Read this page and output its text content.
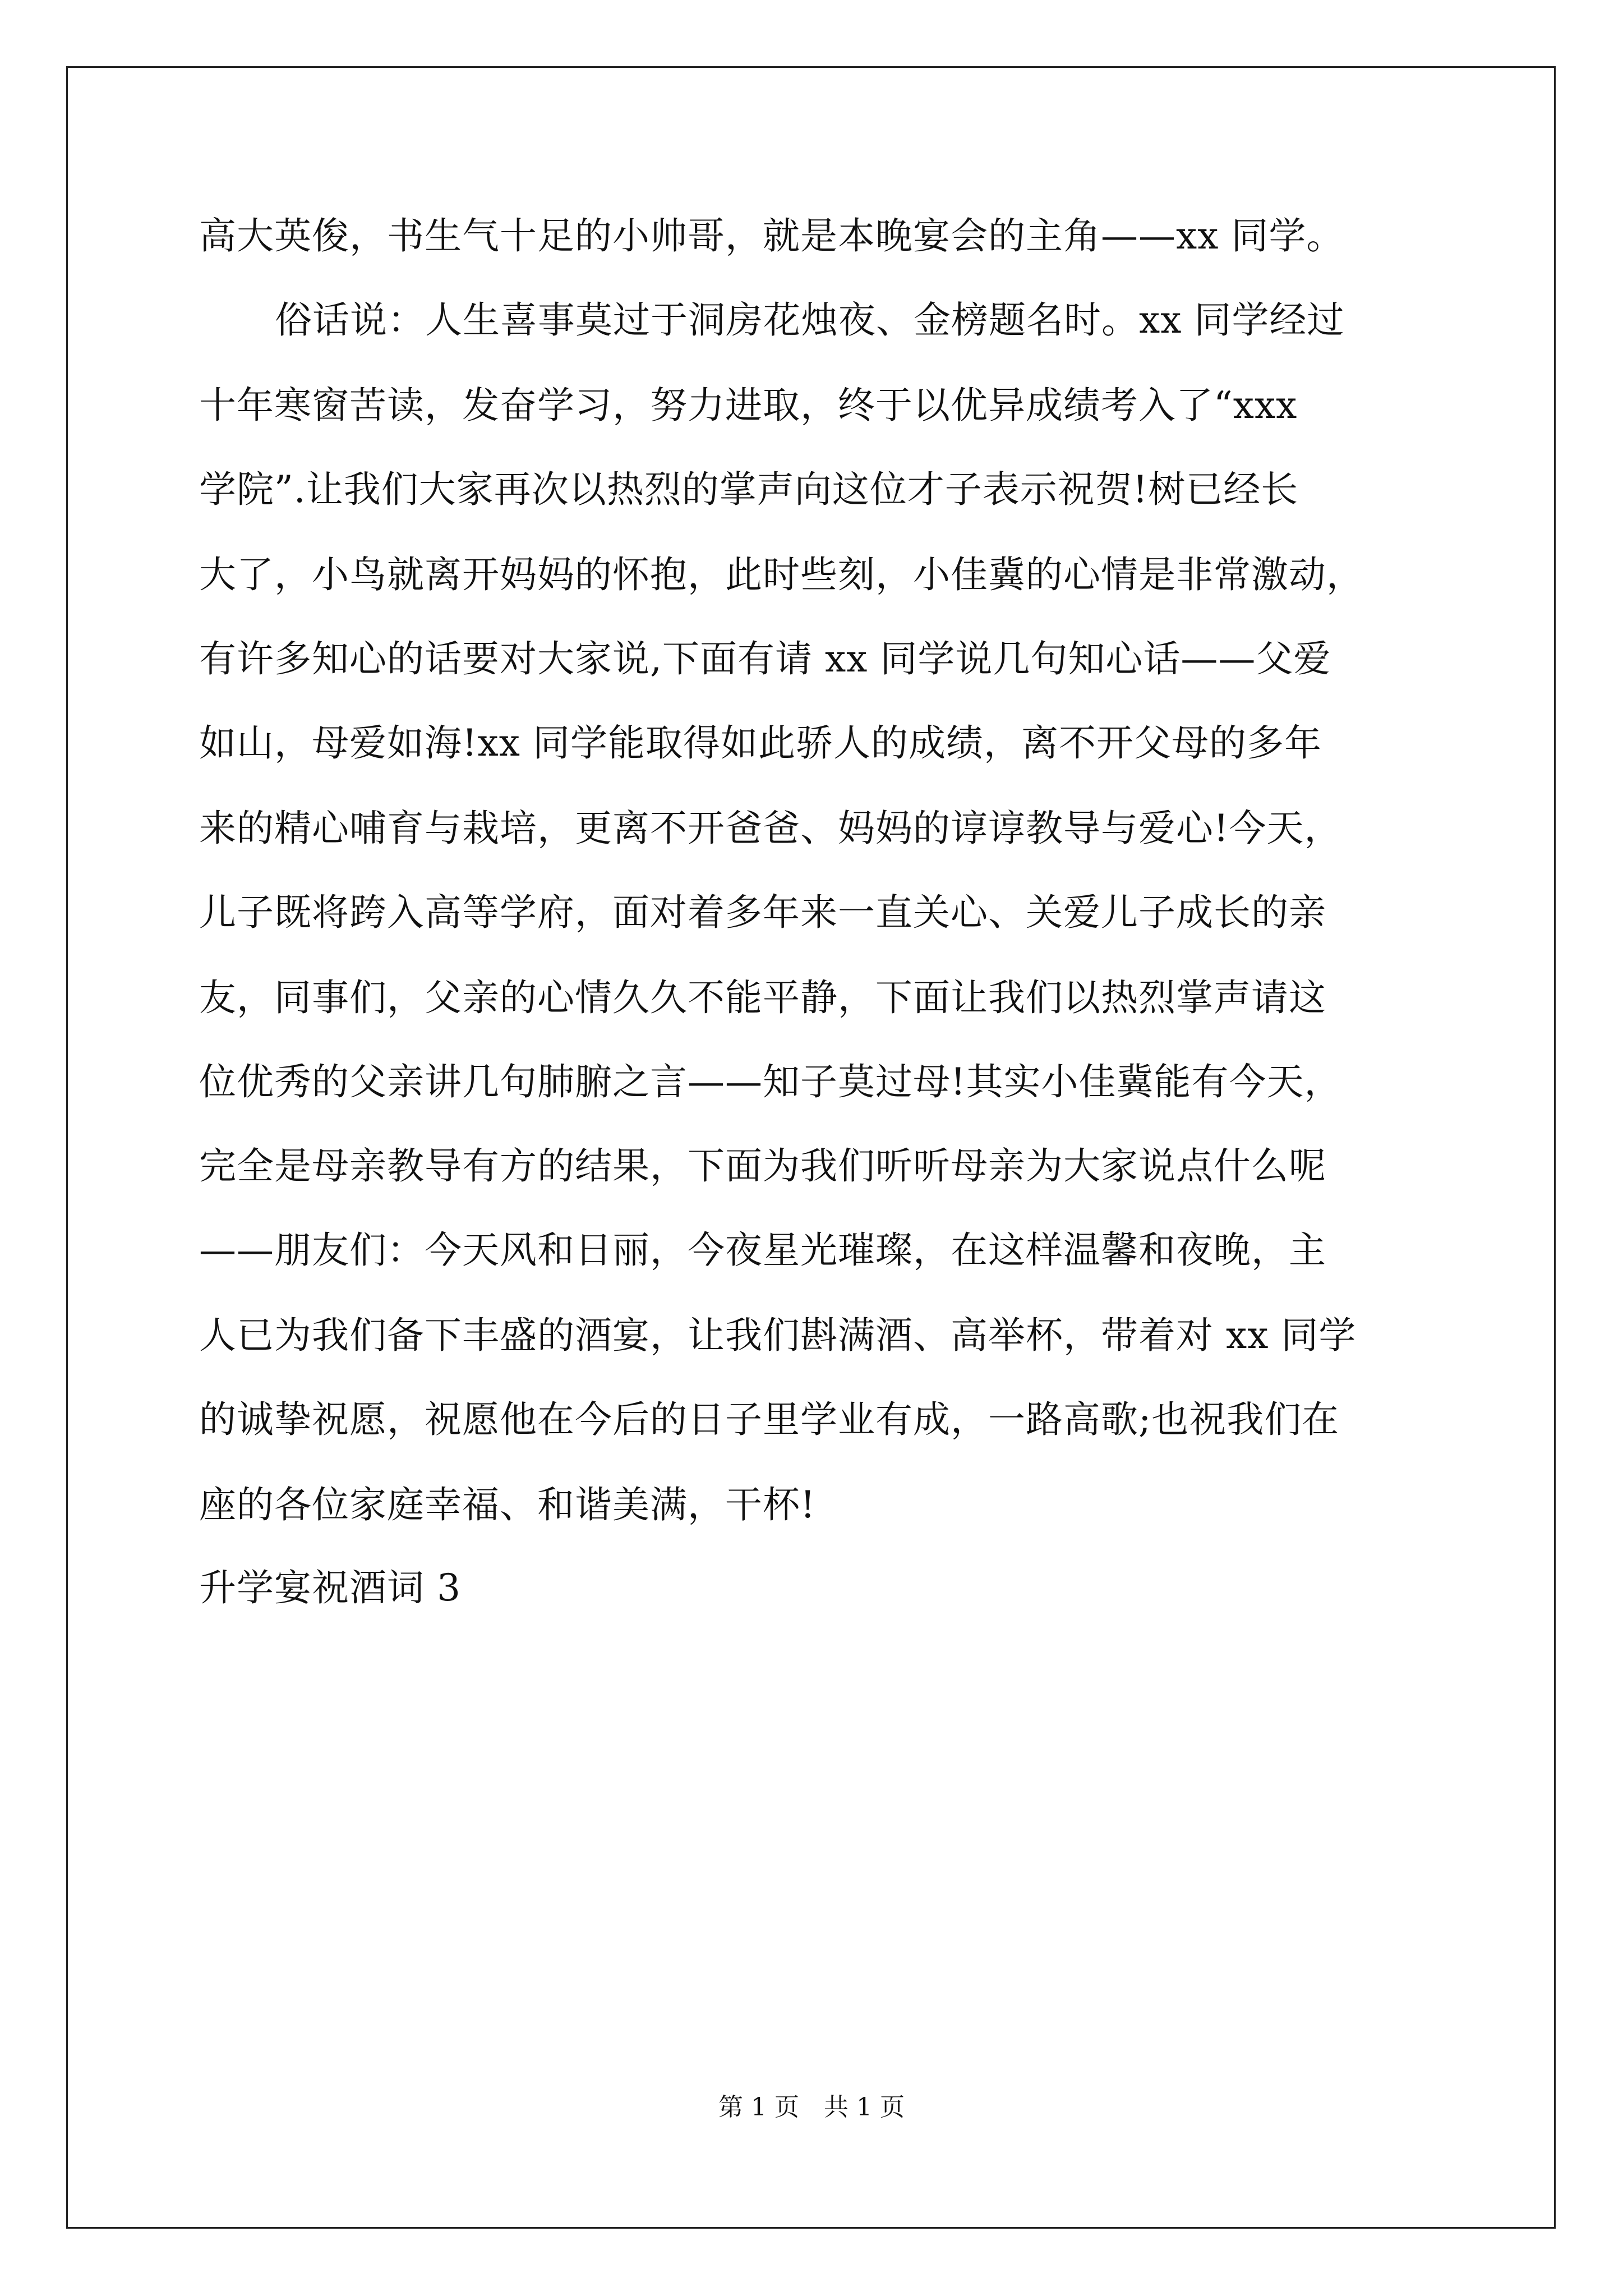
高大英俊，书生气十足的小帅哥，就是本晚宴会的主角——xx 同学。
俗话说：人生喜事莫过于洞房花烛夜、金榜题名时。xx 同学经过
十年寒窗苦读，发奋学习，努力进取，终于以优异成绩考入了“xxx
学院”.让我们大家再次以热烈的掌声向这位才子表示祝贺!树已经长
大了，小鸟就离开妈妈的怀抱，此时些刻，小佳冀的心情是非常激动，
有许多知心的话要对大家说,下面有请 xx 同学说几句知心话——父爱
如山，母爱如海!xx 同学能取得如此骄人的成绩，离不开父母的多年
来的精心哺育与栽培，更离不开爸爸、妈妈的谆谆教导与爱心!今天，
儿子既将跨入高等学府，面对着多年来一直关心、关爱儿子成长的亲
友，同事们，父亲的心情久久不能平静，下面让我们以热烈掌声请这
位优秀的父亲讲几句肺腑之言——知子莫过母!其实小佳冀能有今天，
完全是母亲教导有方的结果，下面为我们听听母亲为大家说点什么呢
——朋友们：今天风和日丽，今夜星光璀璨，在这样温馨和夜晚，主
人已为我们备下丰盛的酒宴，让我们斟满酒、高举杯，带着对 xx 同学
的诚挚祝愿，祝愿他在今后的日子里学业有成，一路高歌;也祝我们在
座的各位家庭幸福、和谐美满，干杯!
升学宴祝酒词 3
第 1 页　共 1 页
